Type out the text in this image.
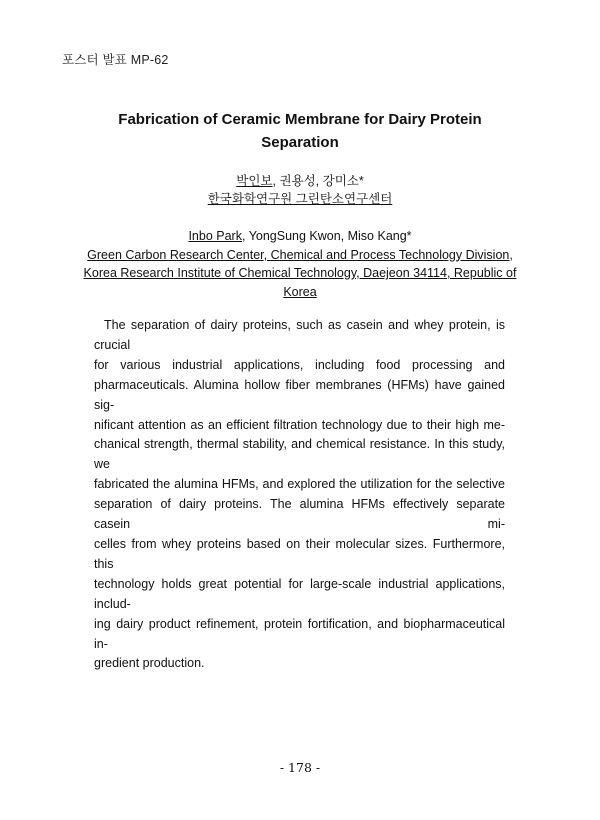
포스터 발표 MP-62
Fabrication of Ceramic Membrane for Dairy Protein
Separation
박인보, 권용성, 강미소*
한국화학연구원 그린탄소연구센터
Inbo Park, YongSung Kwon, Miso Kang*
Green Carbon Research Center, Chemical and Process Technology Division,
Korea Research Institute of Chemical Technology, Daejeon 34114, Republic of
Korea
The separation of dairy proteins, such as casein and whey protein, is crucial
for various industrial applications, including food processing and
pharmaceuticals. Alumina hollow fiber membranes (HFMs) have gained sig-
nificant attention as an efficient filtration technology due to their high me-
chanical strength, thermal stability, and chemical resistance. In this study, we
fabricated the alumina HFMs, and explored the utilization for the selective
separation of dairy proteins. The alumina HFMs effectively separate casein mi-
celles from whey proteins based on their molecular sizes. Furthermore, this
technology holds great potential for large-scale industrial applications, includ-
ing dairy product refinement, protein fortification, and biopharmaceutical in-
gredient production.
- 178 -
